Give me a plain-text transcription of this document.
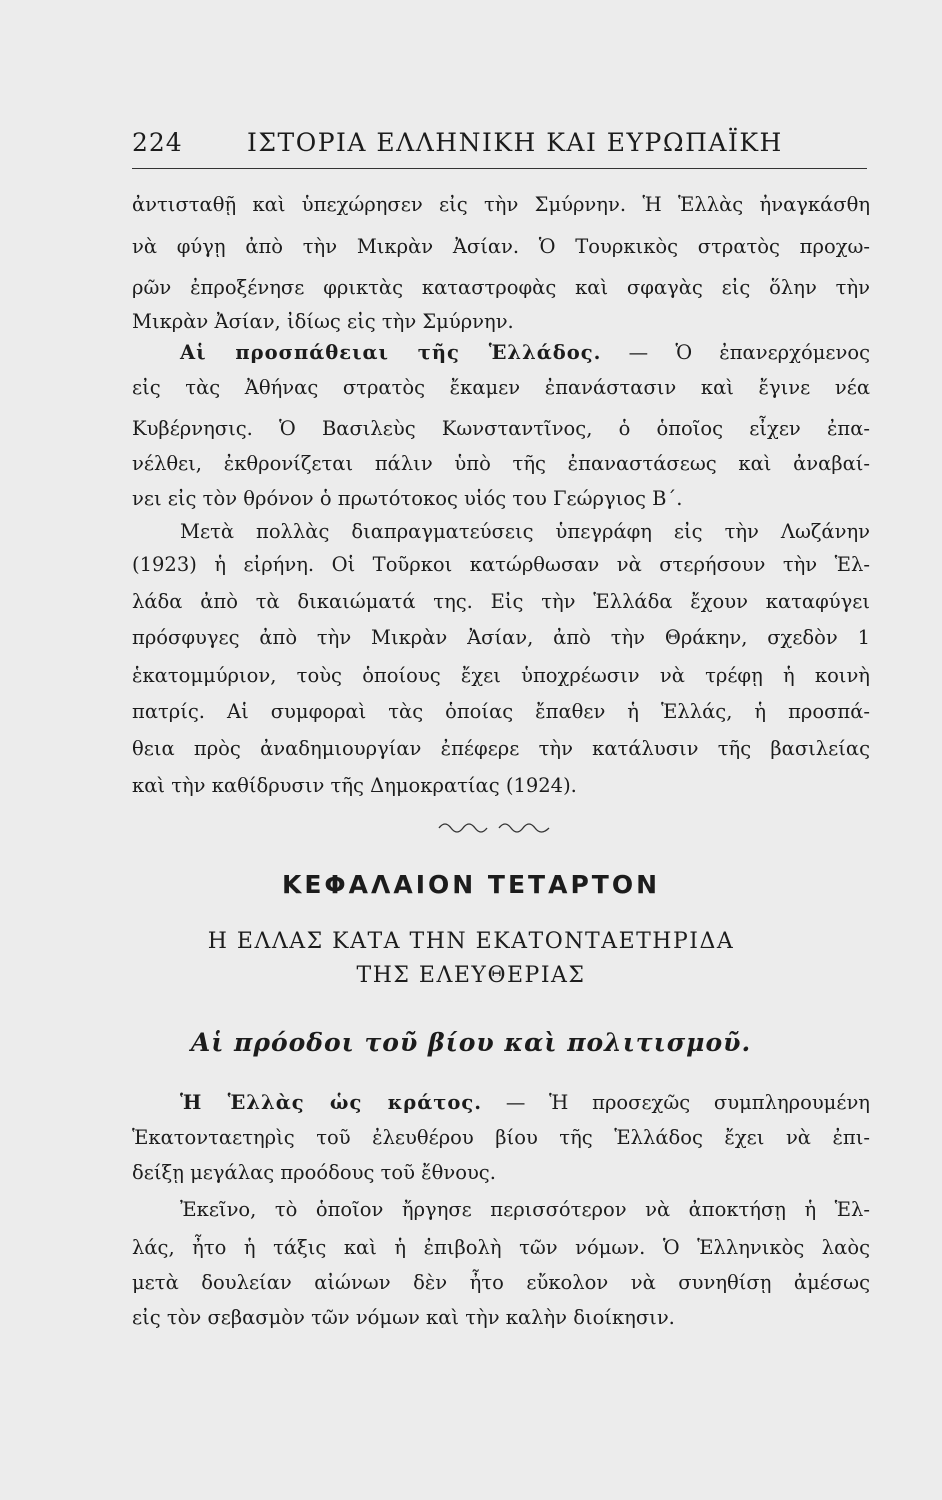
224	ΙΣΤΟΡΙΑ ΕΛΛΗΝΙΚΗ ΚΑΙ ΕΥΡΩΠΑΪΚΗ
ἀντισταθῇ καὶ ὑπεχώρησεν εἰς τὴν Σμύρνην. Ἡ Ἑλλὰς ἠναγκάσθη
νὰ φύγῃ ἀπὸ τὴν Μικρὰν Ἀσίαν. Ὁ Τουρκικὸς στρατὸς προχω-
ρῶν ἐπροξένησε φρικτὰς καταστροφὰς καὶ σφαγὰς εἰς ὅλην τὴν
Μικρὰν Ἀσίαν, ἰδίως εἰς τὴν Σμύρνην.
Αἱ προσπάθειαι τῆς Ἑλλάδος. — Ὁ ἐπανερχόμενος
εἰς τὰς Ἀθήνας στρατὸς ἔκαμεν ἐπανάστασιν καὶ ἔγινε νέα
Κυβέρνησις. Ὁ Βασιλεὺς Κωνσταντῖνος, ὁ ὁποῖος εἶχεν ἐπα-
νέλθει, ἐκθρονίζεται πάλιν ὑπὸ τῆς ἐπαναστάσεως καὶ ἀναβαί-
νει εἰς τὸν θρόνον ὁ πρωτότοκος υἱός του Γεώργιος Β΄.
Μετὰ πολλὰς διαπραγματεύσεις ὑπεγράφη εἰς τὴν Λωζάνην
(1923) ἡ εἰρήνη. Οἱ Τοῦρκοι κατώρθωσαν νὰ στερήσουν τὴν Ἑλ-
λάδα ἀπὸ τὰ δικαιώματά της. Εἰς τὴν Ἑλλάδα ἔχουν καταφύγει
πρόσφυγες ἀπὸ τὴν Μικρὰν Ἀσίαν, ἀπὸ τὴν Θράκην, σχεδὸν 1
ἑκατομμύριον, τοὺς ὁποίους ἔχει ὑποχρέωσιν νὰ τρέφῃ ἡ κοινὴ
πατρίς. Αἱ συμφοραὶ τὰς ὁποίας ἔπαθεν ἡ Ἑλλάς, ἡ προσπά-
θεια πρὸς ἀναδημιουργίαν ἐπέφερε τὴν κατάλυσιν τῆς βασιλείας
καὶ τὴν καθίδρυσιν τῆς Δημοκρατίας (1924).
ΚΕΦΑΛΑΙΟΝ ΤΕΤΑΡΤΟΝ
Η ΕΛΛΑΣ ΚΑΤΑ ΤΗΝ ΕΚΑΤΟΝΤΑΕΤΗΡΙΔΑ
ΤΗΣ ΕΛΕΥΘΕΡΙΑΣ
Αἱ πρόοδοι τοῦ βίου καὶ πολιτισμοῦ.
Ἡ Ἑλλὰς ὡς κράτος. — Ἡ προσεχῶς συμπληρουμένη
Ἑκατονταετηρὶς τοῦ ἐλευθέρου βίου τῆς Ἑλλάδος ἔχει νὰ ἐπι-
δείξῃ μεγάλας προόδους τοῦ ἔθνους.
Ἐκεῖνο, τὸ ὁποῖον ἤργησε περισσότερον νὰ ἀποκτήσῃ ἡ Ἑλ-
λάς, ἦτο ἡ τάξις καὶ ἡ ἐπιβολὴ τῶν νόμων. Ὁ Ἑλληνικὸς λαὸς
μετὰ δουλείαν αἰώνων δὲν ἦτο εὔκολον νὰ συνηθίσῃ ἀμέσως
εἰς τὸν σεβασμὸν τῶν νόμων καὶ τὴν καλὴν διοίκησιν.
